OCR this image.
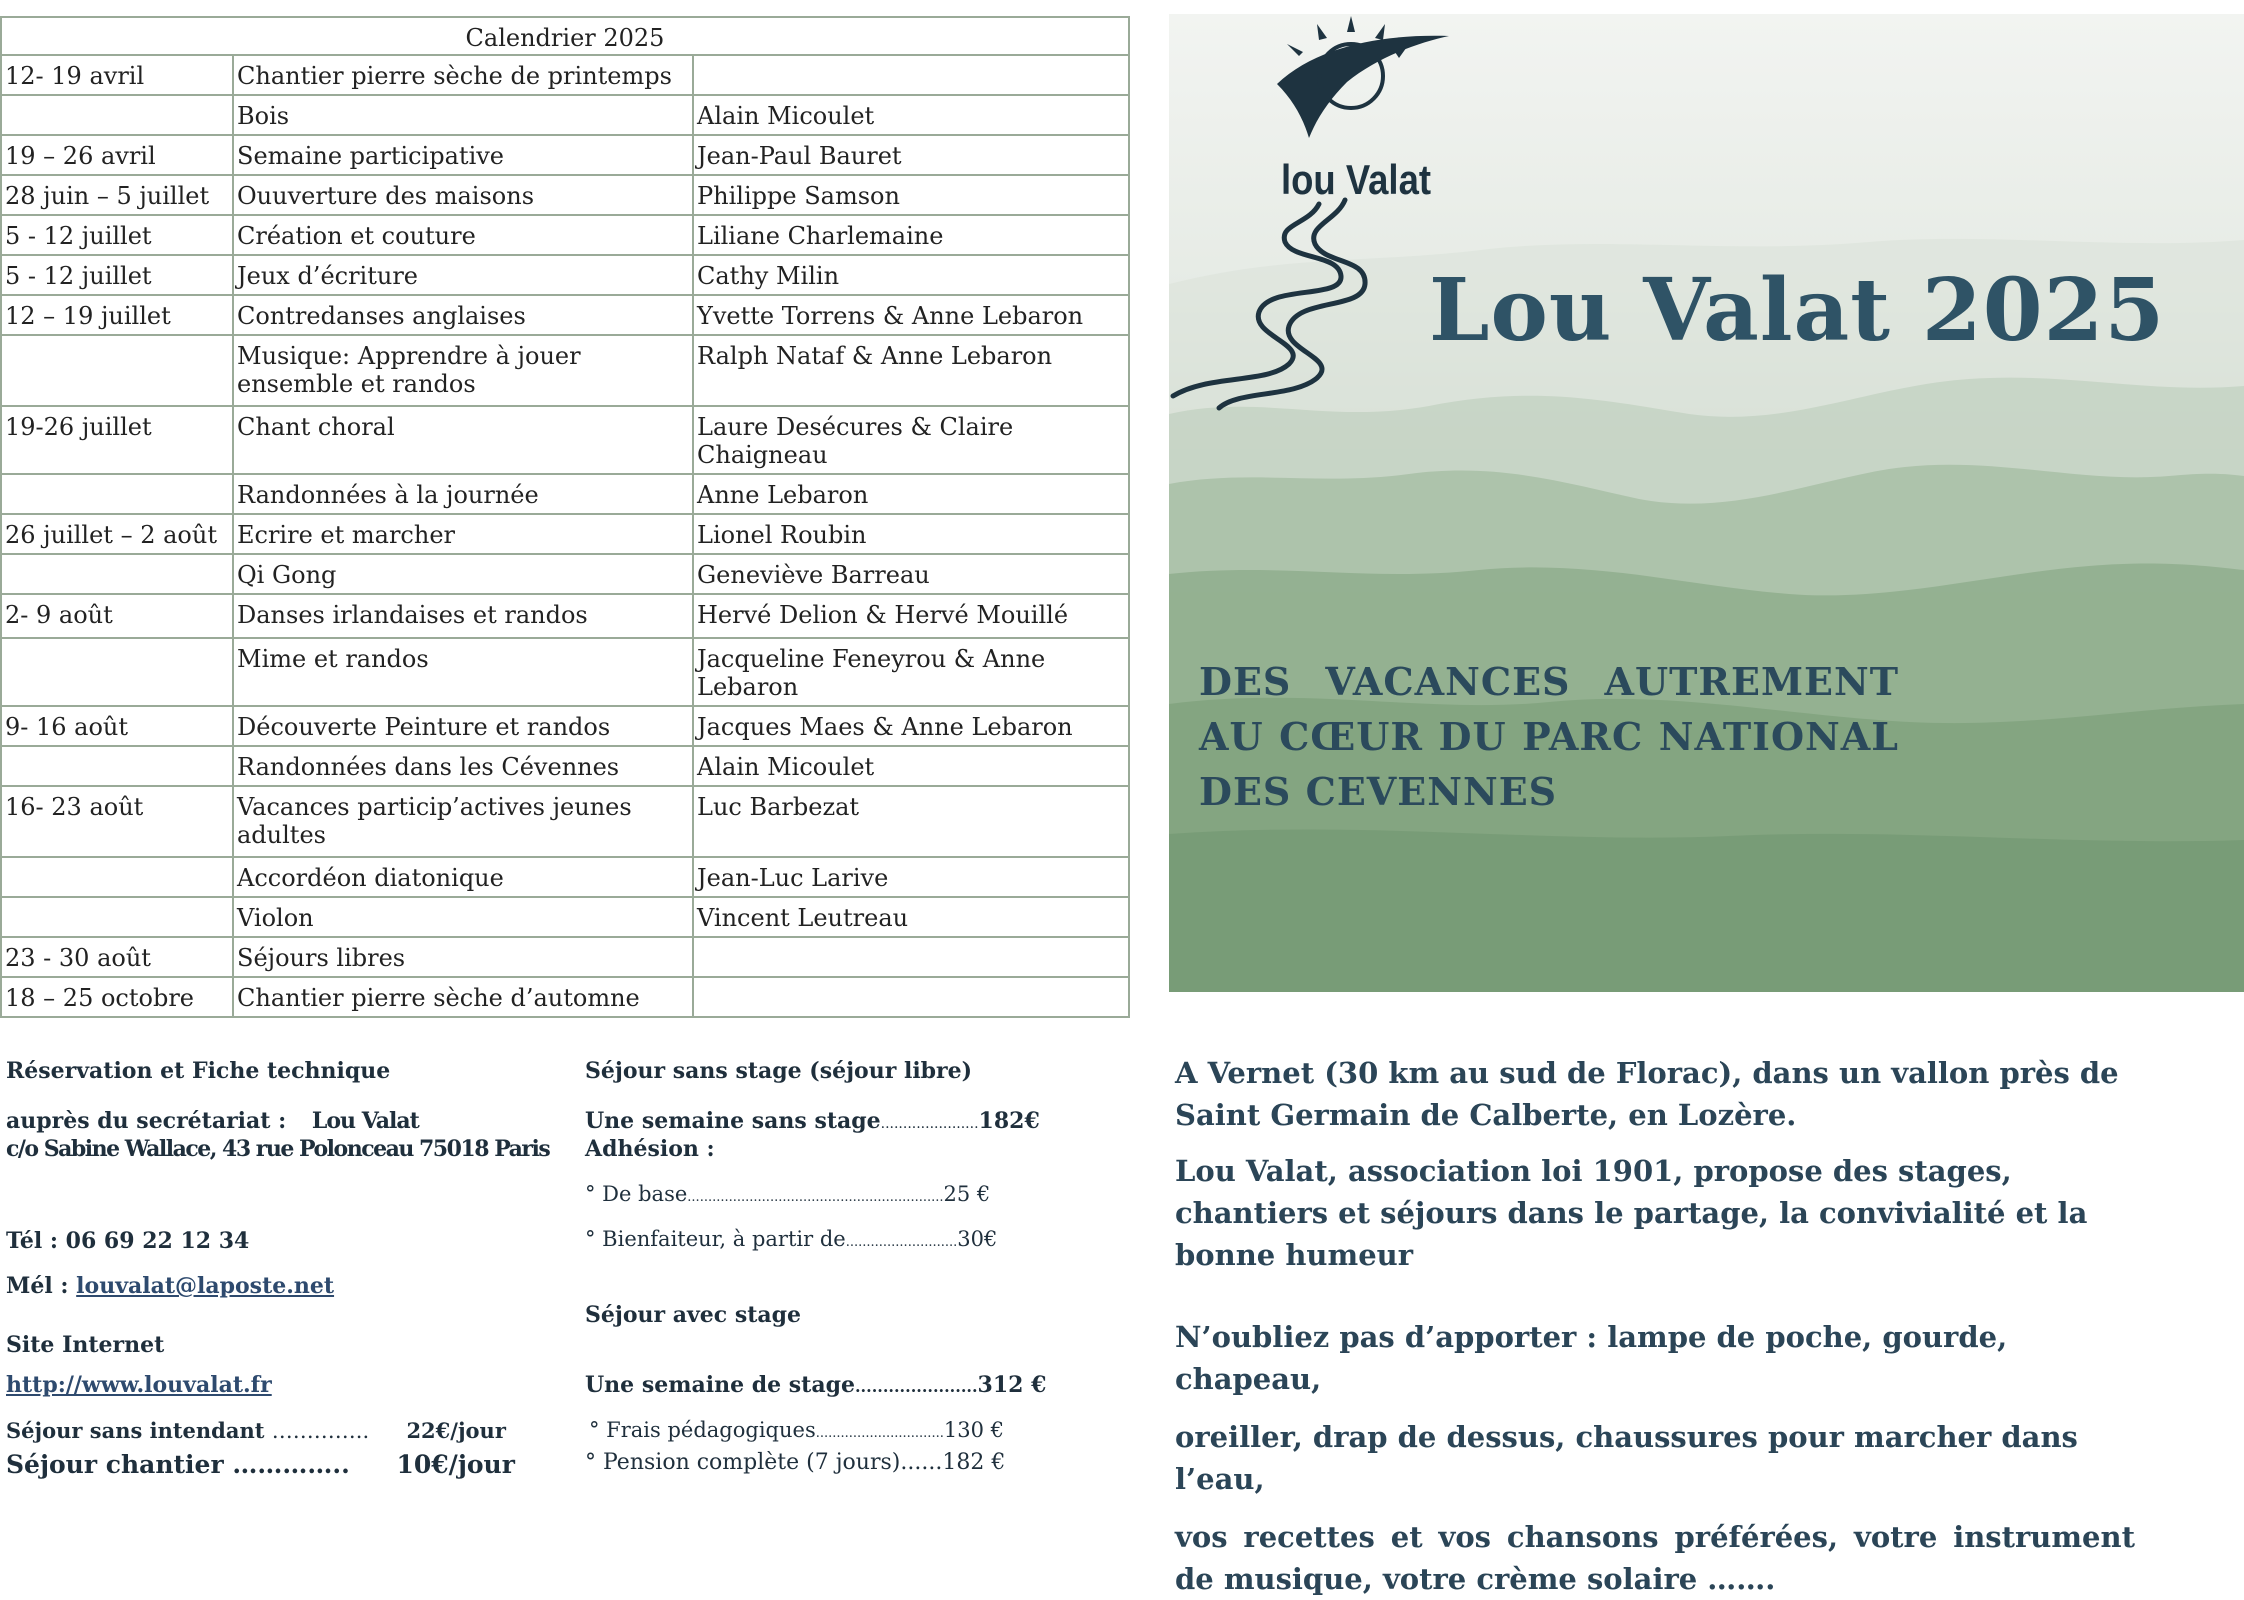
Calendrier 2025		
12- 19 avril	Chantier pierre sèche de printemps	
	Bois	Alain Micoulet
19 – 26 avril	Semaine participative	Jean-Paul Bauret
28 juin – 5 juillet	Ouuverture des maisons	Philippe Samson
5 - 12 juillet	Création et couture	Liliane Charlemaine
5 - 12 juillet	Jeux d’écriture	Cathy Milin
12 – 19 juillet	Contredanses anglaises	Yvette Torrens & Anne Lebaron
	Musique: Apprendre à jouer ensemble et randos	Ralph Nataf & Anne Lebaron
19-26 juillet	Chant choral	Laure Desécures & Claire Chaigneau
	Randonnées à la journée	Anne Lebaron
26 juillet – 2 août	Ecrire et marcher	Lionel Roubin
	Qi Gong	Geneviève Barreau
2- 9 août	Danses irlandaises et randos	Hervé Delion & Hervé Mouillé
	Mime et randos	Jacqueline Feneyrou & Anne Lebaron
9- 16 août	Découverte Peinture et randos	Jacques Maes & Anne Lebaron
	Randonnées dans les Cévennes	Alain Micoulet
16- 23 août	Vacances particip’actives jeunes adultes	Luc Barbezat
	Accordéon diatonique	Jean-Luc Larive
	Violon	Vincent Leutreau
23 - 30 août	Séjours libres	
18 – 25 octobre	Chantier pierre sèche d’automne	
lou Valat
Lou Valat 2025

DES VACANCES AUTREMENT AU CŒUR DU PARC NATIONAL DES CEVENNES

Réservation et Fiche technique
auprès du secrétariat : Lou Valat
c/o Sabine Wallace, 43 rue Polonceau 75018 Paris
Tél : 06 69 22 12 34
Mél : louvalat@laposte.net
Site Internet
http://www.louvalat.fr
Séjour sans intendant ………….. 22€/jour
Séjour chantier ………….. 10€/jour
Séjour sans stage (séjour libre)
Une semaine sans stage......................182€
Adhésion :
° De base..............................................................25 €
° Bienfaiteur, à partir de...........................30€
Séjour avec stage
Une semaine de stage......................312 €
° Frais pédagogiques...............................130 €
° Pension complète (7 jours)......182 €

A Vernet (30 km au sud de Florac), dans un vallon près de Saint Germain de Calberte, en Lozère.

Lou Valat, association loi 1901, propose des stages, chantiers et séjours dans le partage, la convivialité et la bonne humeur

N’oubliez pas d’apporter : lampe de poche, gourde, chapeau,

oreiller, drap de dessus, chaussures pour marcher dans l’eau,

vos recettes et vos chansons préférées, votre instrument de musique, votre crème solaire …….
